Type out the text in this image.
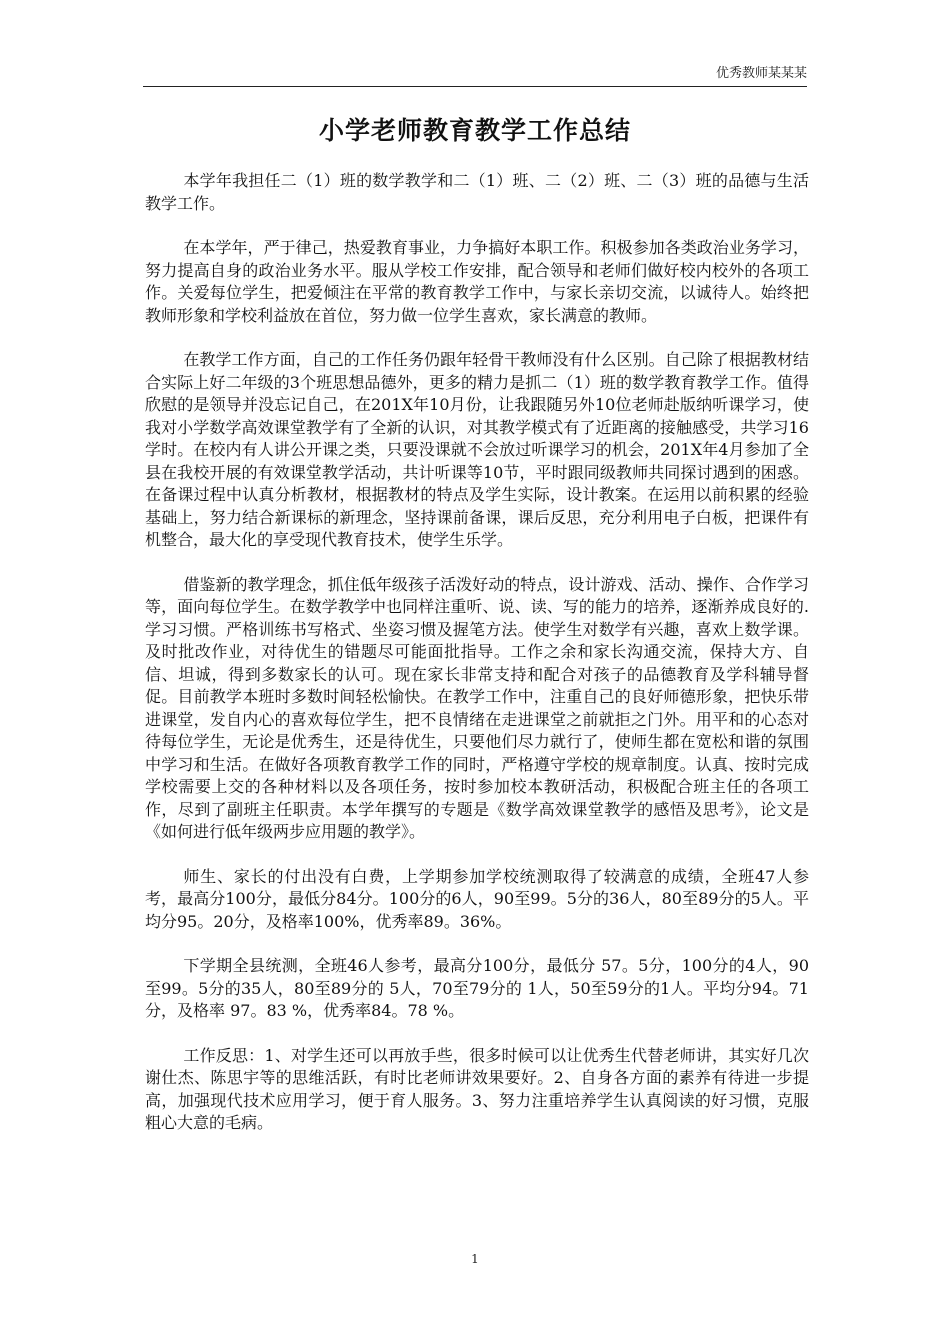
优秀教师某某某
小学老师教育教学工作总结

本学年我担任二（1）班的数学教学和二（1）班、二（2）班、二（3）班的品德与生活教学工作。

在本学年，严于律己，热爱教育事业，力争搞好本职工作。积极参加各类政治业务学习，努力提高自身的政治业务水平。服从学校工作安排，配合领导和老师们做好校内校外的各项工作。关爱每位学生，把爱倾注在平常的教育教学工作中，与家长亲切交流，以诚待人。始终把教师形象和学校利益放在首位，努力做一位学生喜欢，家长满意的教师。

在教学工作方面，自己的工作任务仍跟年轻骨干教师没有什么区别。自己除了根据教材结合实际上好二年级的3个班思想品德外，更多的精力是抓二（1）班的数学教育教学工作。值得欣慰的是领导并没忘记自己，在201X年10月份，让我跟随另外10位老师赴版纳听课学习，使我对小学数学高效课堂教学有了全新的认识，对其教学模式有了近距离的接触感受，共学习16学时。在校内有人讲公开课之类，只要没课就不会放过听课学习的机会，201X年4月参加了全县在我校开展的有效课堂教学活动，共计听课等10节，平时跟同级教师共同探讨遇到的困惑。在备课过程中认真分析教材，根据教材的特点及学生实际，设计教案。在运用以前积累的经验基础上，努力结合新课标的新理念，坚持课前备课，课后反思，充分利用电子白板，把课件有机整合，最大化的享受现代教育技术，使学生乐学。

借鉴新的教学理念，抓住低年级孩子活泼好动的特点，设计游戏、活动、操作、合作学习等，面向每位学生。在数学教学中也同样注重听、说、读、写的能力的培养，逐渐养成良好的.学习习惯。严格训练书写格式、坐姿习惯及握笔方法。使学生对数学有兴趣，喜欢上数学课。及时批改作业，对待优生的错题尽可能面批指导。工作之余和家长沟通交流，保持大方、自信、坦诚，得到多数家长的认可。现在家长非常支持和配合对孩子的品德教育及学科辅导督促。目前教学本班时多数时间轻松愉快。在教学工作中，注重自己的良好师德形象，把快乐带进课堂，发自内心的喜欢每位学生，把不良情绪在走进课堂之前就拒之门外。用平和的心态对待每位学生，无论是优秀生，还是待优生，只要他们尽力就行了，使师生都在宽松和谐的氛围中学习和生活。在做好各项教育教学工作的同时，严格遵守学校的规章制度。认真、按时完成学校需要上交的各种材料以及各项任务，按时参加校本教研活动，积极配合班主任的各项工作，尽到了副班主任职责。本学年撰写的专题是《数学高效课堂教学的感悟及思考》，论文是《如何进行低年级两步应用题的教学》。

师生、家长的付出没有白费，上学期参加学校统测取得了较满意的成绩，全班47人参考，最高分100分，最低分84分。100分的6人，90至99。5分的36人，80至89分的5人。平均分95。20分，及格率100%，优秀率89。36%。

下学期全县统测，全班46人参考，最高分100分，最低分 57。5分，100分的4人，90至99。5分的35人，80至89分的 5人，70至79分的 1人，50至59分的1人。平均分94。71分，及格率 97。83 %，优秀率84。78 %。

工作反思：1、对学生还可以再放手些，很多时候可以让优秀生代替老师讲，其实好几次谢仕杰、陈思宇等的思维活跃，有时比老师讲效果要好。2、自身各方面的素养有待进一步提高，加强现代技术应用学习，便于育人服务。3、努力注重培养学生认真阅读的好习惯，克服粗心大意的毛病。

1
